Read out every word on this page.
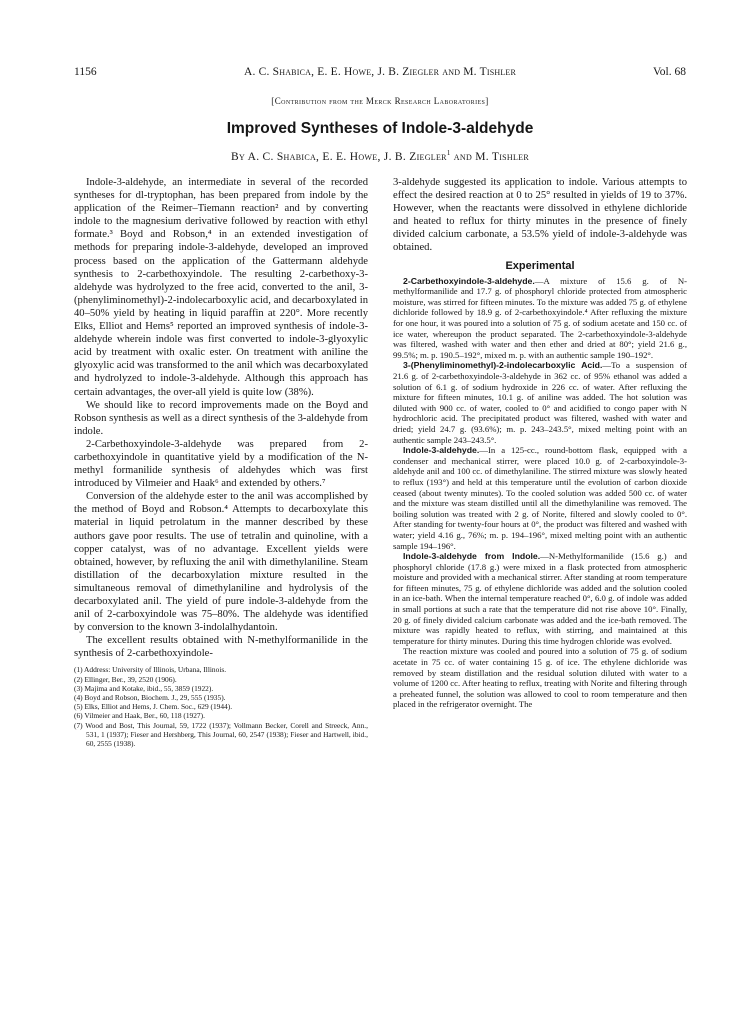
1156	A. C. Shabica, E. E. Howe, J. B. Ziegler and M. Tishler	Vol. 68
[Contribution from the Merck Research Laboratories]
Improved Syntheses of Indole-3-aldehyde
By A. C. Shabica, E. E. Howe, J. B. Ziegler$^1$ and M. Tishler

Indole-3-aldehyde, an intermediate in several of the recorded syntheses for dl-tryptophan, has been prepared from indole by the application of the Reimer–Tiemann reaction² and by converting indole to the magnesium derivative followed by reaction with ethyl formate.³ Boyd and Robson,⁴ in an extended investigation of methods for preparing indole-3-aldehyde, developed an improved process based on the application of the Gattermann aldehyde synthesis to 2-carbethoxyindole. The resulting 2-carbethoxy-3-aldehyde was hydrolyzed to the free acid, converted to the anil, 3-(phenyliminomethyl)-2-indolecarboxylic acid, and decarboxylated in 40–50% yield by heating in liquid paraffin at 220°. More recently Elks, Elliot and Hems⁵ reported an improved synthesis of indole-3-aldehyde wherein indole was first converted to indole-3-glyoxylic acid by treatment with oxalic ester. On treatment with aniline the glyoxylic acid was transformed to the anil which was decarboxylated and hydrolyzed to indole-3-aldehyde. Although this approach has certain advantages, the over-all yield is quite low (38%).

We should like to record improvements made on the Boyd and Robson synthesis as well as a direct synthesis of the 3-aldehyde from indole.

2-Carbethoxyindole-3-aldehyde was prepared from 2-carbethoxyindole in quantitative yield by a modification of the N-methyl formanilide synthesis of aldehydes which was first introduced by Vilmeier and Haak⁶ and extended by others.⁷

Conversion of the aldehyde ester to the anil was accomplished by the method of Boyd and Robson.⁴ Attempts to decarboxylate this material in liquid petrolatum in the manner described by these authors gave poor results. The use of tetralin and quinoline, with a copper catalyst, was of no advantage. Excellent yields were obtained, however, by refluxing the anil with dimethylaniline. Steam distillation of the decarboxylation mixture resulted in the simultaneous removal of dimethylaniline and hydrolysis of the decarboxylated anil. The yield of pure indole-3-aldehyde from the anil of 2-carboxyindole was 75–80%. The aldehyde was identified by conversion to the known 3-indolalhydantoin.

The excellent results obtained with N-methylformanilide in the synthesis of 2-carbethoxyindole-

(1) Address: University of Illinois, Urbana, Illinois.
(2) Ellinger, Ber., 39, 2520 (1906).
(3) Majima and Kotake, ibid., 55, 3859 (1922).
(4) Boyd and Robson, Biochem. J., 29, 555 (1935).
(5) Elks, Elliot and Hems, J. Chem. Soc., 629 (1944).
(6) Vilmeier and Haak, Ber., 60, 118 (1927).
(7) Wood and Bost, This Journal, 59, 1722 (1937); Vollmann Becker, Corell and Streeck, Ann., 531, 1 (1937); Fieser and Hershberg, This Journal, 60, 2547 (1938); Fieser and Hartwell, ibid., 60, 2555 (1938).

3-aldehyde suggested its application to indole. Various attempts to effect the desired reaction at 0 to 25° resulted in yields of 19 to 37%. However, when the reactants were dissolved in ethylene dichloride and heated to reflux for thirty minutes in the presence of finely divided calcium carbonate, a 53.5% yield of indole-3-aldehyde was obtained.

Experimental

2-Carbethoxyindole-3-aldehyde.—A mixture of 15.6 g. of N-methylformanilide and 17.7 g. of phosphoryl chloride protected from atmospheric moisture, was stirred for fifteen minutes. To the mixture was added 75 g. of ethylene dichloride followed by 18.9 g. of 2-carbethoxyindole.⁴ After refluxing the mixture for one hour, it was poured into a solution of 75 g. of sodium acetate and 150 cc. of ice water, whereupon the product separated. The 2-carbethoxyindole-3-aldehyde was filtered, washed with water and then ether and dried at 80°; yield 21.6 g., 99.5%; m. p. 190.5–192°, mixed m. p. with an authentic sample 190–192°.

3-(Phenyliminomethyl)-2-indolecarboxylic Acid.—To a suspension of 21.6 g. of 2-carbethoxyindole-3-aldehyde in 362 cc. of 95% ethanol was added a solution of 6.1 g. of sodium hydroxide in 226 cc. of water. After refluxing the mixture for fifteen minutes, 10.1 g. of aniline was added. The hot solution was diluted with 900 cc. of water, cooled to 0° and acidified to congo paper with N hydrochloric acid. The precipitated product was filtered, washed with water and dried; yield 24.7 g. (93.6%); m. p. 243–243.5°, mixed melting point with an authentic sample 243–243.5°.

Indole-3-aldehyde.—In a 125-cc., round-bottom flask, equipped with a condenser and mechanical stirrer, were placed 10.0 g. of 2-carboxyindole-3-aldehyde anil and 100 cc. of dimethylaniline. The stirred mixture was slowly heated to reflux (193°) and held at this temperature until the evolution of carbon dioxide ceased (about twenty minutes). To the cooled solution was added 500 cc. of water and the mixture was steam distilled until all the dimethylaniline was removed. The boiling solution was treated with 2 g. of Norite, filtered and slowly cooled to 0°. After standing for twenty-four hours at 0°, the product was filtered and washed with water; yield 4.16 g., 76%; m. p. 194–196°, mixed melting point with an authentic sample 194–196°.

Indole-3-aldehyde from Indole.—N-Methylformanilide (15.6 g.) and phosphoryl chloride (17.8 g.) were mixed in a flask protected from atmospheric moisture and provided with a mechanical stirrer. After standing at room temperature for fifteen minutes, 75 g. of ethylene dichloride was added and the solution cooled in an ice-bath. When the internal temperature reached 0°, 6.0 g. of indole was added in small portions at such a rate that the temperature did not rise above 10°. Finally, 20 g. of finely divided calcium carbonate was added and the ice-bath removed. The mixture was rapidly heated to reflux, with stirring, and maintained at this temperature for thirty minutes. During this time hydrogen chloride was evolved.

The reaction mixture was cooled and poured into a solution of 75 g. of sodium acetate in 75 cc. of water containing 15 g. of ice. The ethylene dichloride was removed by steam distillation and the residual solution diluted with water to a volume of 1200 cc. After heating to reflux, treating with Norite and filtering through a preheated funnel, the solution was allowed to cool to room temperature and then placed in the refrigerator overnight. The
